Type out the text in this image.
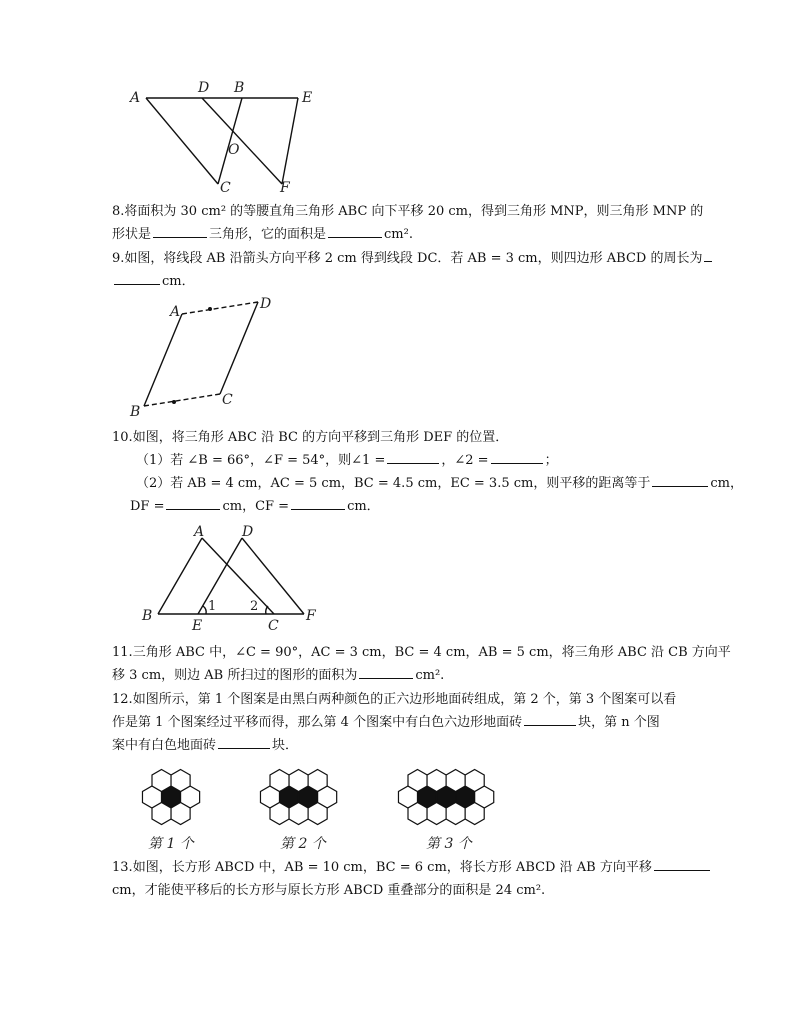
A
D B
E
O
C	F
8.将面积为 30 cm² 的等腰直角三角形 ABC 向下平移 20 cm，得到三角形 MNP，则三角形 MNP 的
形状是	三角形，它的面积是	cm².
9.如图，将线段 AB 沿箭头方向平移 2 cm 得到线段 DC．若 AB = 3 cm，则四边形 ABCD 的周长为
cm．
A	D
B
C
10.如图，将三角形 ABC 沿 BC 的方向平移到三角形 DEF 的位置．
（1）若 ∠B = 66°，∠F = 54°，则∠1 =	，∠2 =	；
（2）若 AB = 4 cm，AC = 5 cm，BC = 4.5 cm，EC = 3.5 cm，则平移的距离等于	cm，
DF =	cm，CF =	cm．
A	D
B
E	C
F
1	2
11.三角形 ABC 中，∠C = 90°，AC = 3 cm，BC = 4 cm，AB = 5 cm，将三角形 ABC 沿 CB 方向平
移 3 cm，则边 AB 所扫过的图形的面积为	cm².
12.如图所示，第 1 个图案是由黑白两种颜色的正六边形地面砖组成，第 2 个，第 3 个图案可以看
作是第 1 个图案经过平移而得，那么第 4 个图案中有白色六边形地面砖	块，第 n 个图
案中有白色地面砖	块．
第 1 个	第 2 个	第 3 个
13.如图，长方形 ABCD 中，AB = 10 cm，BC = 6 cm，将长方形 ABCD 沿 AB 方向平移
cm，才能使平移后的长方形与原长方形 ABCD 重叠部分的面积是 24 cm².
